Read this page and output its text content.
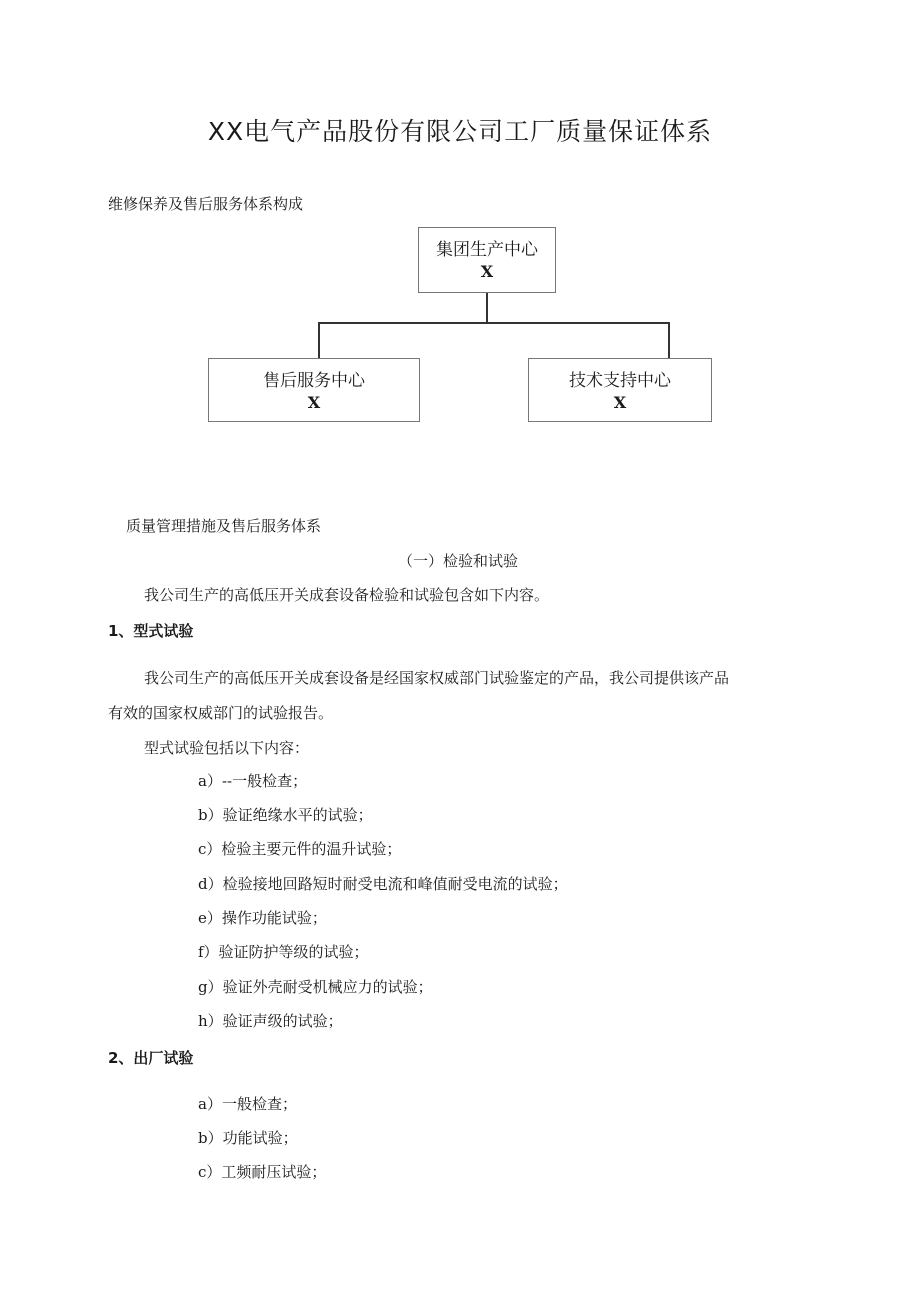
XX电气产品股份有限公司工厂质量保证体系
维修保养及售后服务体系构成
集团生产中心
X
售后服务中心
X
技术支持中心
X
质量管理措施及售后服务体系
（一）检验和试验
我公司生产的高低压开关成套设备检验和试验包含如下内容。
1、型式试验
我公司生产的高低压开关成套设备是经国家权威部门试验鉴定的产品，我公司提供该产品
有效的国家权威部门的试验报告。
型式试验包括以下内容：
a）--一般检查；
b）验证绝缘水平的试验；
c）检验主要元件的温升试验；
d）检验接地回路短时耐受电流和峰值耐受电流的试验；
e）操作功能试验；
f）验证防护等级的试验；
g）验证外壳耐受机械应力的试验；
h）验证声级的试验；
2、出厂试验
a）一般检查；
b）功能试验；
c）工频耐压试验；
